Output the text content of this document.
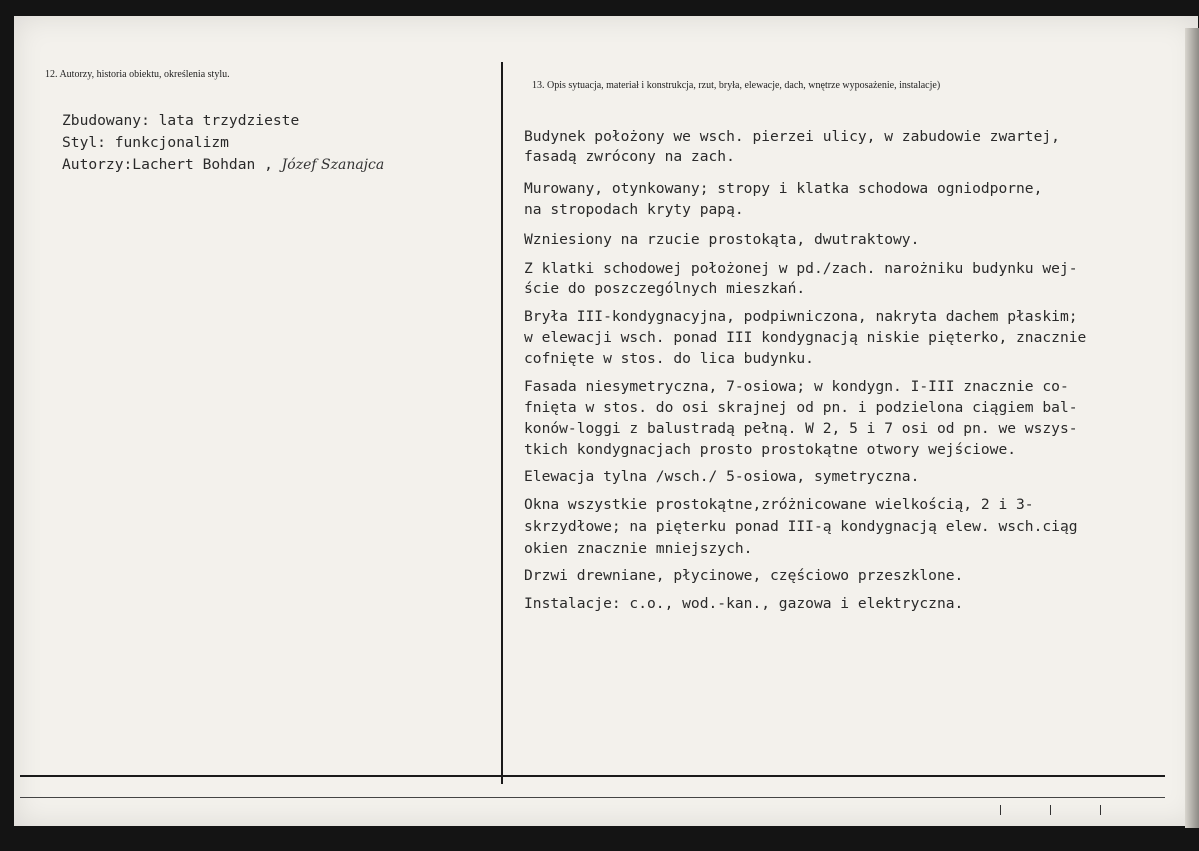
12. Autorzy, historia obiektu, określenia stylu.
13. Opis sytuacja, materiał i konstrukcja, rzut, bryła, elewacje, dach, wnętrze wyposażenie, instalacje)
Zbudowany: lata trzydzieste
Styl: funkcjonalizm
Autorzy:Lachert Bohdan , Józef Szanajca
Budynek położony we wsch. pierzei ulicy, w zabudowie zwartej,
fasadą zwrócony na zach.
Murowany, otynkowany; stropy i klatka schodowa ogniodporne,
na stropodach kryty papą.
Wzniesiony na rzucie prostokąta, dwutraktowy.
Z klatki schodowej położonej w pd./zach. narożniku budynku wej-
ście do poszczególnych mieszkań.
Bryła III-kondygnacyjna, podpiwniczona, nakryta dachem płaskim;
w elewacji wsch. ponad III kondygnacją niskie pięterko, znacznie
cofnięte w stos. do lica budynku.
Fasada niesymetryczna, 7-osiowa; w kondygn. I-III znacznie co-
fnięta w stos. do osi skrajnej od pn. i podzielona ciągiem bal-
konów-loggi z balustradą pełną. W 2, 5 i 7 osi od pn. we wszys-
tkich kondygnacjach prosto prostokątne otwory wejściowe.
Elewacja tylna /wsch./ 5-osiowa, symetryczna.
Okna wszystkie prostokątne,zróżnicowane wielkością, 2 i 3-
skrzydłowe; na pięterku ponad III-ą kondygnacją elew. wsch.ciąg
okien znacznie mniejszych.
Drzwi drewniane, płycinowe, częściowo przeszklone.
Instalacje: c.o., wod.-kan., gazowa i elektryczna.
